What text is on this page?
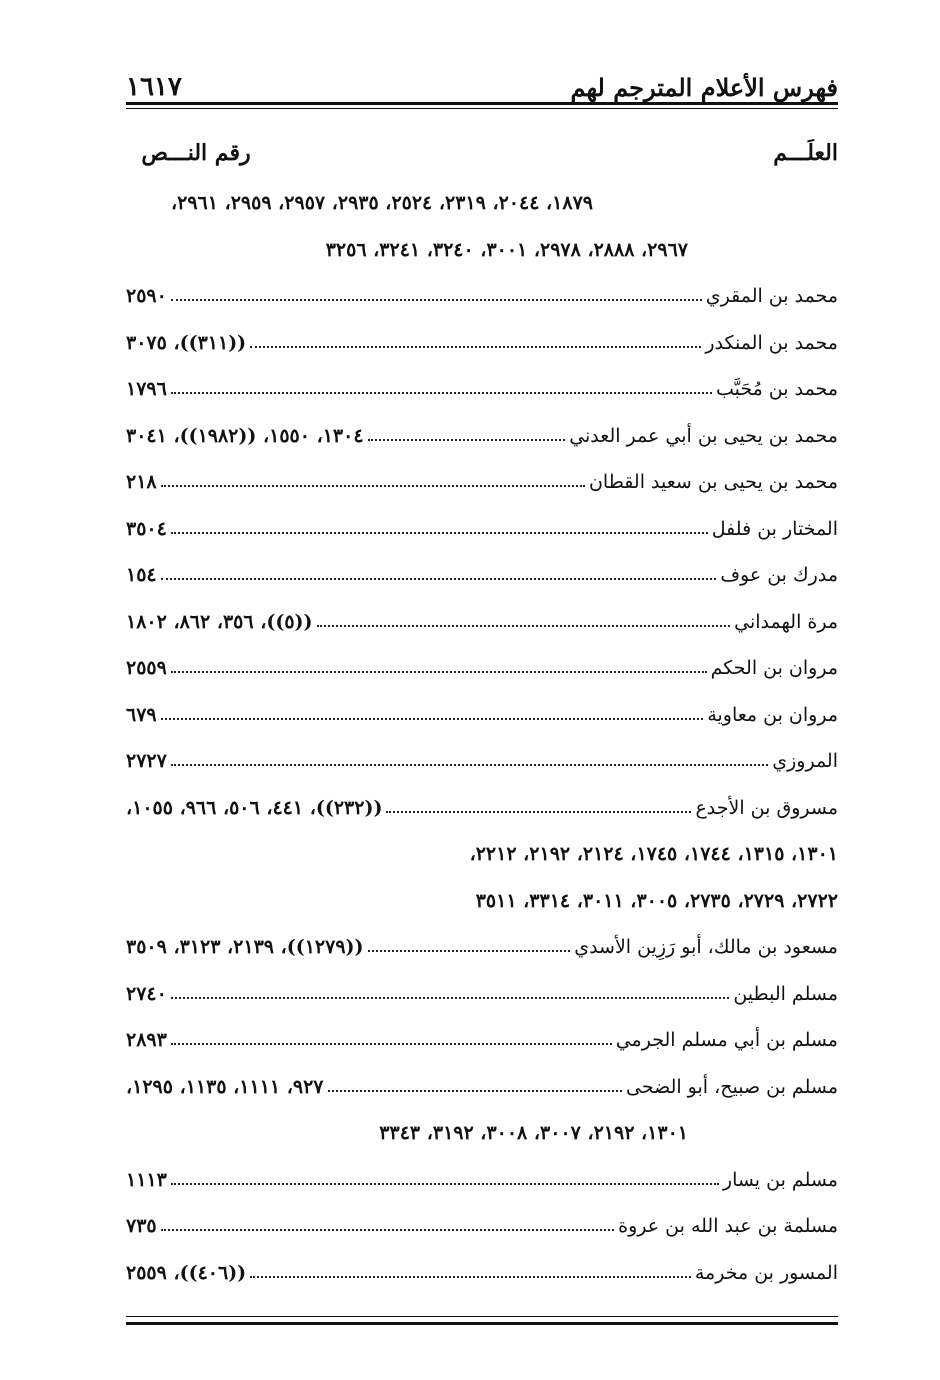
فهرس الأعلام المترجم لهم
١٦١٧
العلَـــم
رقم النـــص
١٨٧٩، ٢٠٤٤، ٢٣١٩، ٢٥٢٤، ٢٩٣٥، ٢٩٥٧، ٢٩٥٩، ٢٩٦١،
٢٩٦٧، ٢٨٨٨، ٢٩٧٨، ٣٠٠١، ٣٢٤٠، ٣٢٤١، ٣٢٥٦
محمد بن المقري
٢٥٩٠
محمد بن المنكدر
((٣١١))، ٣٠٧٥
محمد بن مُحَبَّب
١٧٩٦
محمد بن يحيى بن أبي عمر العدني
١٣٠٤، ١٥٥٠، ((١٩٨٢))، ٣٠٤١
محمد بن يحيى بن سعيد القطان
٢١٨
المختار بن فلفل
٣٥٠٤
مدرك بن عوف
١٥٤
مرة الهمداني
((٥))، ٣٥٦، ٨٦٢، ١٨٠٢
مروان بن الحكم
٢٥٥٩
مروان بن معاوية
٦٧٩
المروزي
٢٧٢٧
مسروق بن الأجدع
((٢٣٢))، ٤٤١، ٥٠٦، ٩٦٦، ١٠٥٥،
١٣٠١، ١٣١٥، ١٧٤٤، ١٧٤٥، ٢١٢٤، ٢١٩٢، ٢٢١٢،
٢٧٢٢، ٢٧٢٩، ٢٧٣٥، ٣٠٠٥، ٣٠١١، ٣٣١٤، ٣٥١١
مسعود بن مالك، أبو رَزِين الأسدي
((١٢٧٩))، ٢١٣٩، ٣١٢٣، ٣٥٠٩
مسلم البطين
٢٧٤٠
مسلم بن أبي مسلم الجرمي
٢٨٩٣
مسلم بن صبيح، أبو الضحى
٩٢٧، ١١١١، ١١٣٥، ١٢٩٥،
١٣٠١، ٢١٩٢، ٣٠٠٧، ٣٠٠٨، ٣١٩٢، ٣٣٤٣
مسلم بن يسار
١١١٣
مسلمة بن عبد الله بن عروة
٧٣٥
المسور بن مخرمة
((٤٠٦))، ٢٥٥٩
